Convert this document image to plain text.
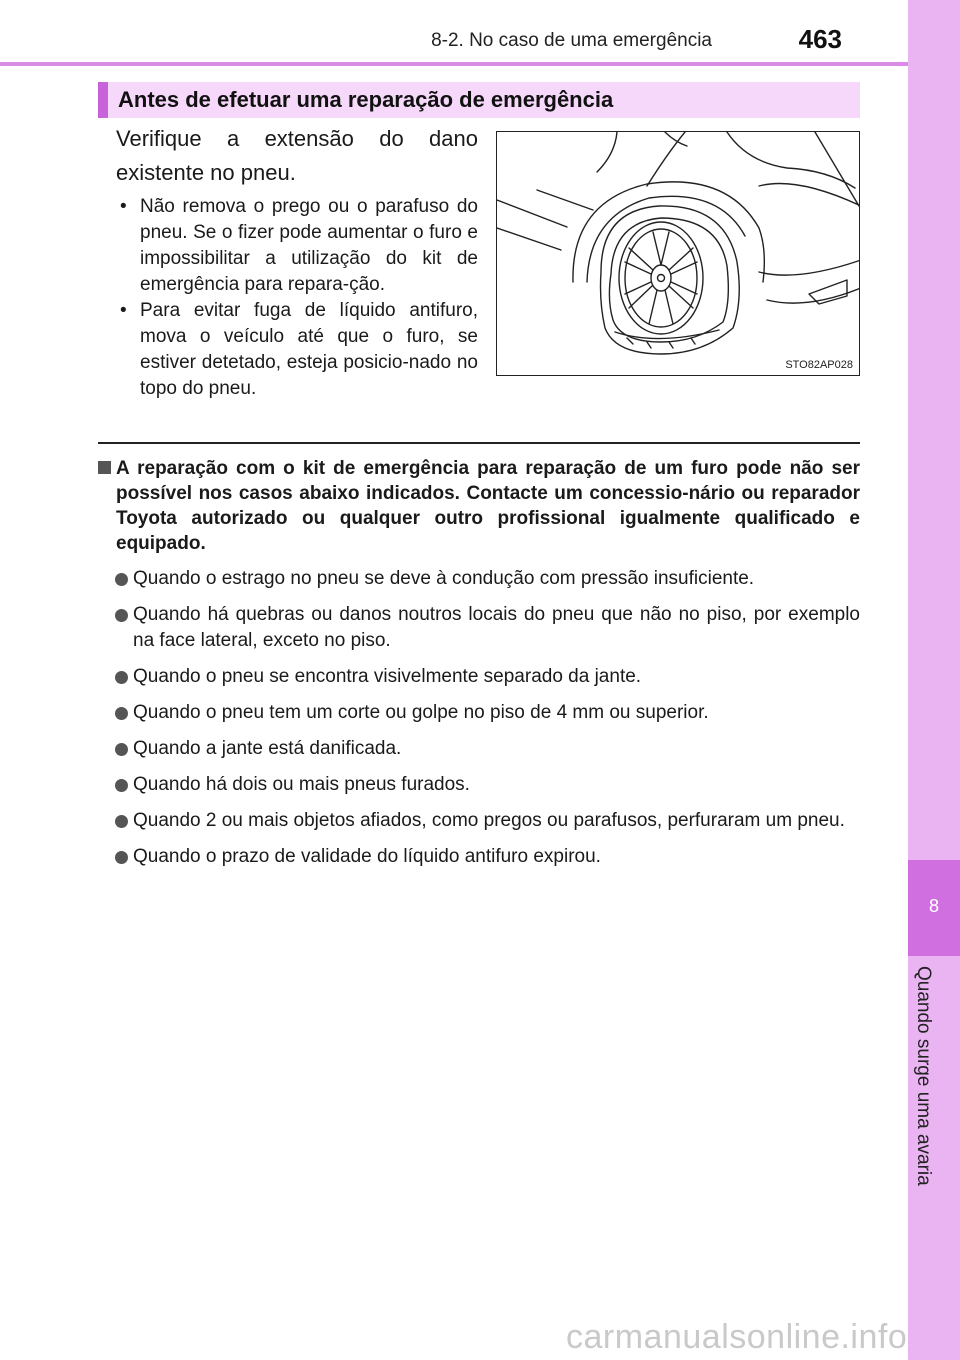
8-2. No caso de uma emergência	463
8
Quando surge uma avaria
Antes de efetuar uma reparação de emergência

Verifique a extensão do dano existente no pneu.

• Não remova o prego ou o parafuso do pneu. Se o fizer pode aumentar o furo e impossibilitar a utilização do kit de emergência para repara-ção.
• Para evitar fuga de líquido antifuro, mova o veículo até que o furo, se estiver detetado, esteja posicio-nado no topo do pneu.
STO82AP028
A reparação com o kit de emergência para reparação de um furo pode não ser possível nos casos abaixo indicados. Contacte um concessio-nário ou reparador Toyota autorizado ou qualquer outro profissional igualmente qualificado e equipado.
Quando o estrago no pneu se deve à condução com pressão insuficiente.
Quando há quebras ou danos noutros locais do pneu que não no piso, por exemplo na face lateral, exceto no piso.
Quando o pneu se encontra visivelmente separado da jante.
Quando o pneu tem um corte ou golpe no piso de 4 mm ou superior.
Quando a jante está danificada.
Quando há dois ou mais pneus furados.
Quando 2 ou mais objetos afiados, como pregos ou parafusos, perfuraram um pneu.
Quando o prazo de validade do líquido antifuro expirou.
carmanualsonline.info
